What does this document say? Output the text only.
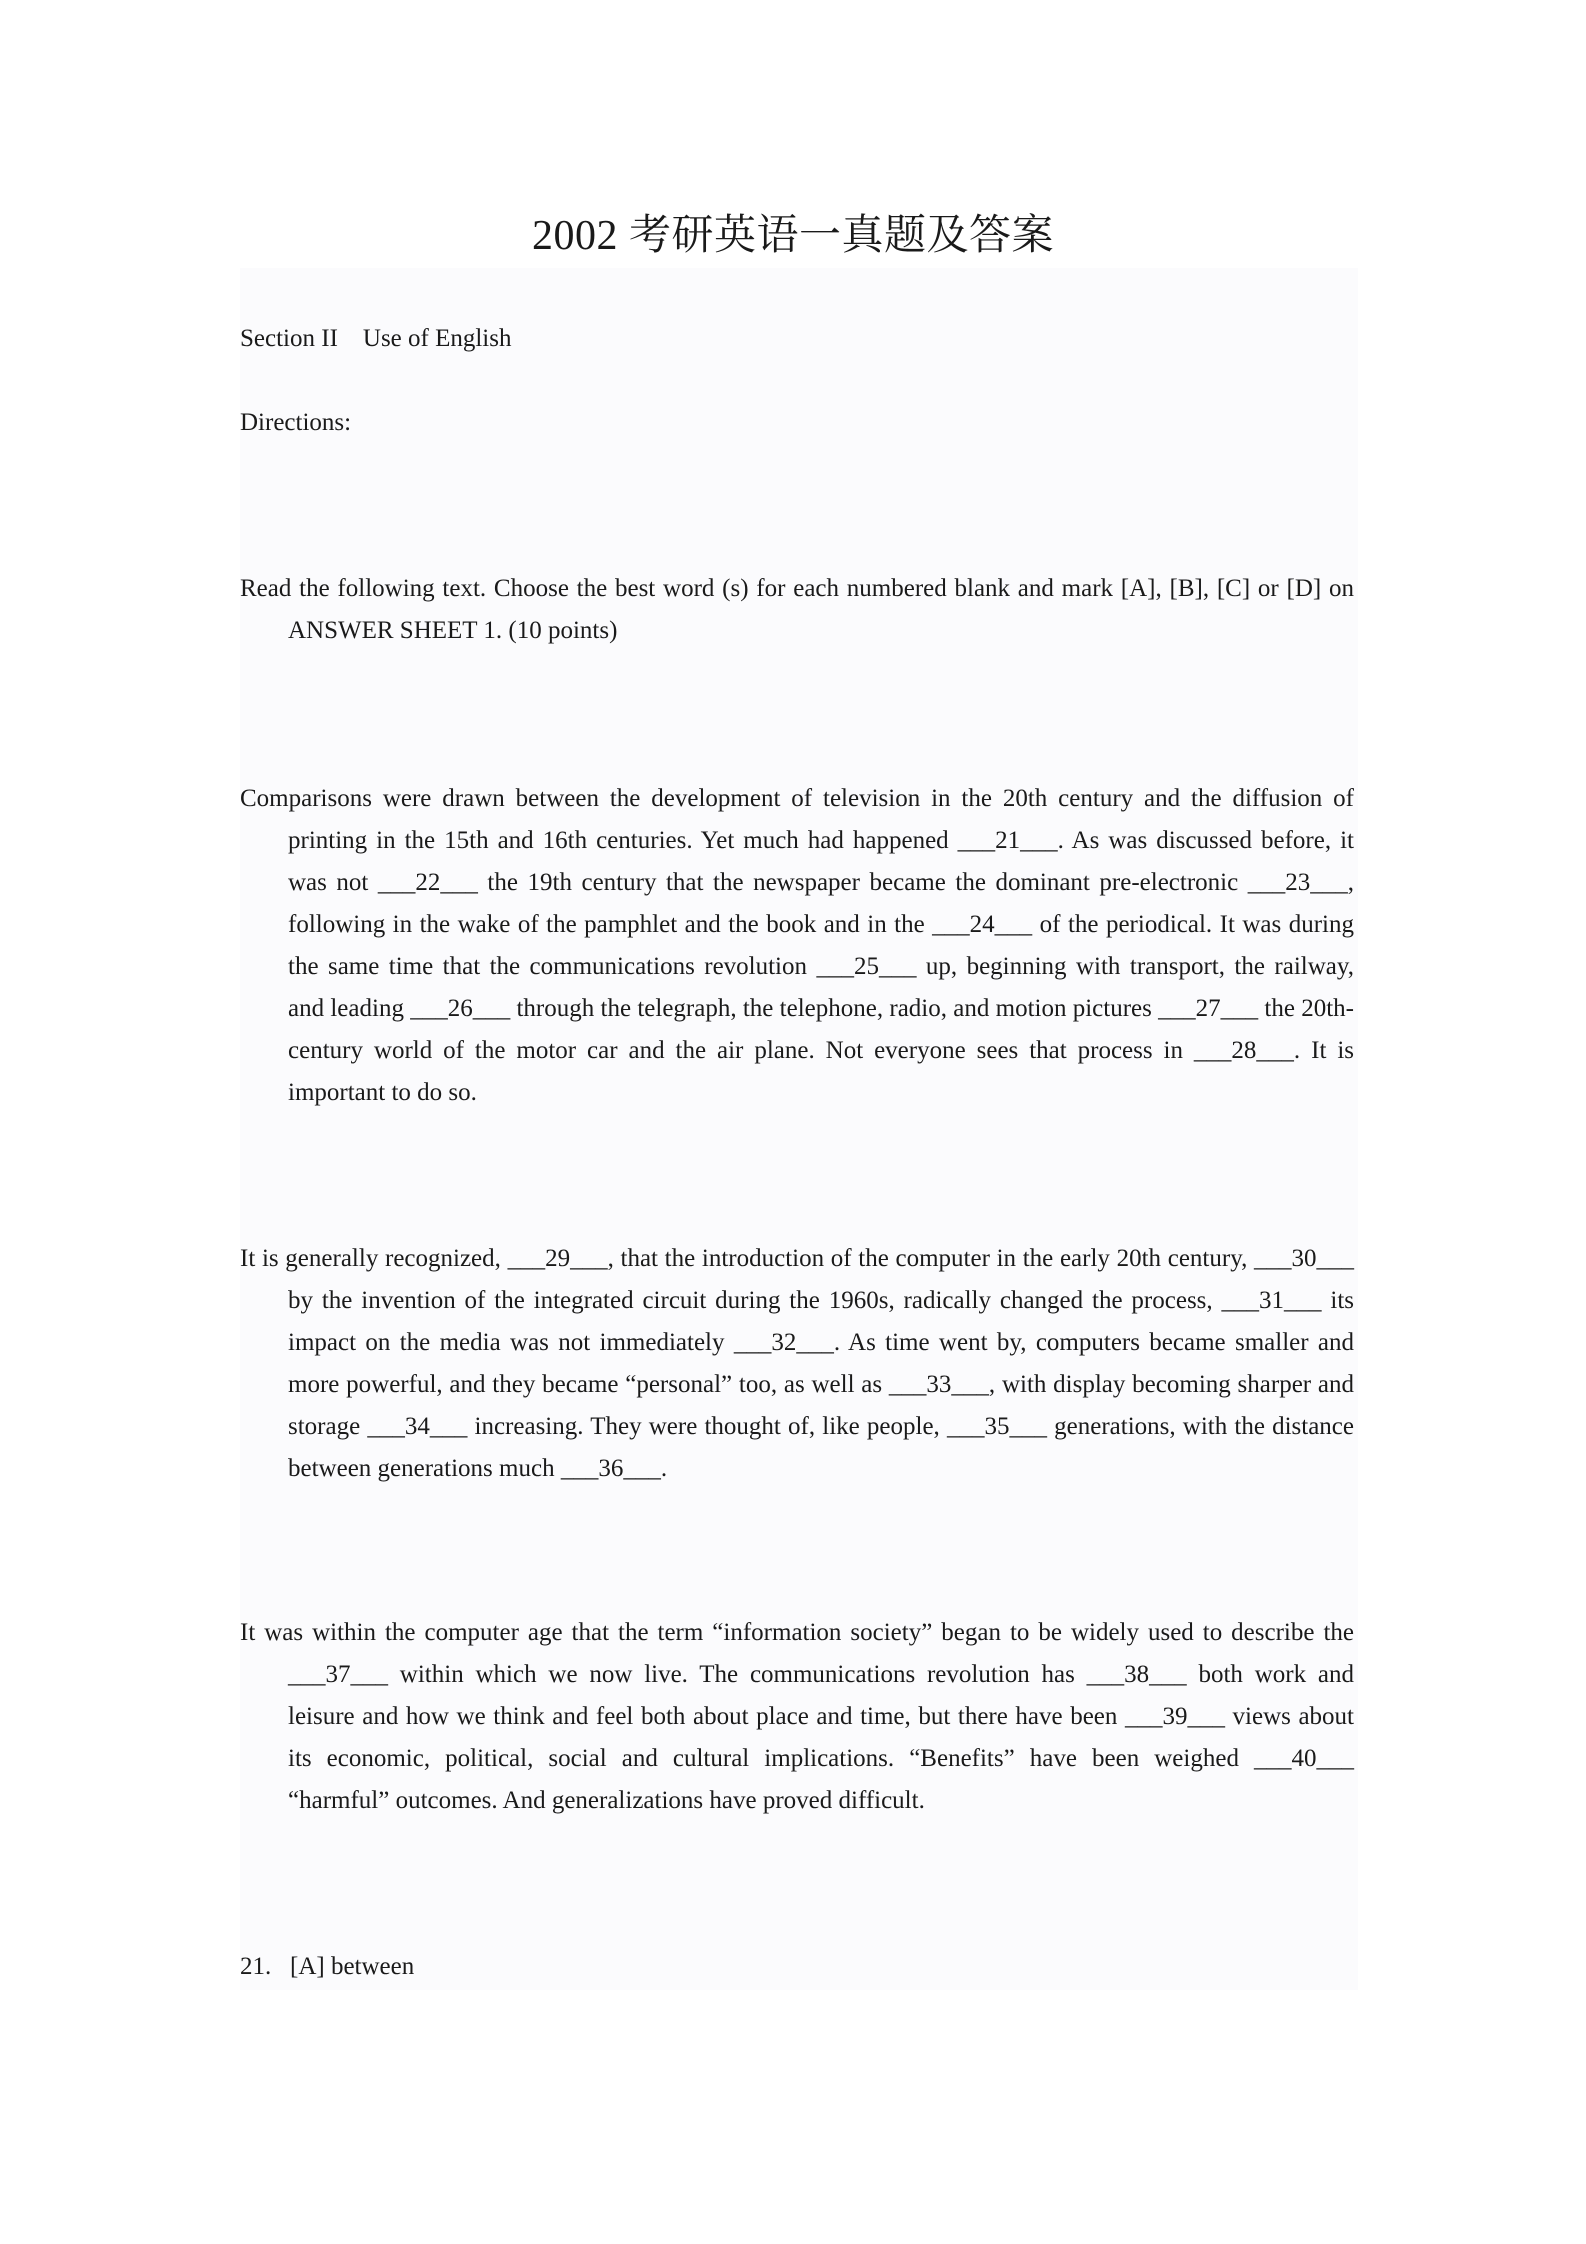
2002 考研英语一真题及答案

Section II    Use of English

Directions:

Read the following text. Choose the best word (s) for each numbered blank and mark [A], [B], [C] or [D] on ANSWER SHEET 1. (10 points)

Comparisons were drawn between the development of television in the 20th century and the diffusion of printing in the 15th and 16th centuries. Yet much had happened ___21___. As was discussed before, it was not ___22___ the 19th century that the newspaper became the dominant pre-electronic ___23___, following in the wake of the pamphlet and the book and in the ___24___ of the periodical. It was during the same time that the communications revolution ___25___ up, beginning with transport, the railway, and leading ___26___ through the telegraph, the telephone, radio, and motion pictures ___27___ the 20th-century world of the motor car and the air plane. Not everyone sees that process in ___28___. It is important to do so.

It is generally recognized, ___29___, that the introduction of the computer in the early 20th century, ___30___ by the invention of the integrated circuit during the 1960s, radically changed the process, ___31___ its impact on the media was not immediately ___32___. As time went by, computers became smaller and more powerful, and they became “personal” too, as well as ___33___, with display becoming sharper and storage ___34___ increasing. They were thought of, like people, ___35___ generations, with the distance between generations much ___36___.

It was within the computer age that the term “information society” began to be widely used to describe the ___37___ within which we now live. The communications revolution has ___38___ both work and leisure and how we think and feel both about place and time, but there have been ___39___ views about its economic, political, social and cultural implications. “Benefits” have been weighed ___40___ “harmful” outcomes. And generalizations have proved difficult.

21.   [A] between
